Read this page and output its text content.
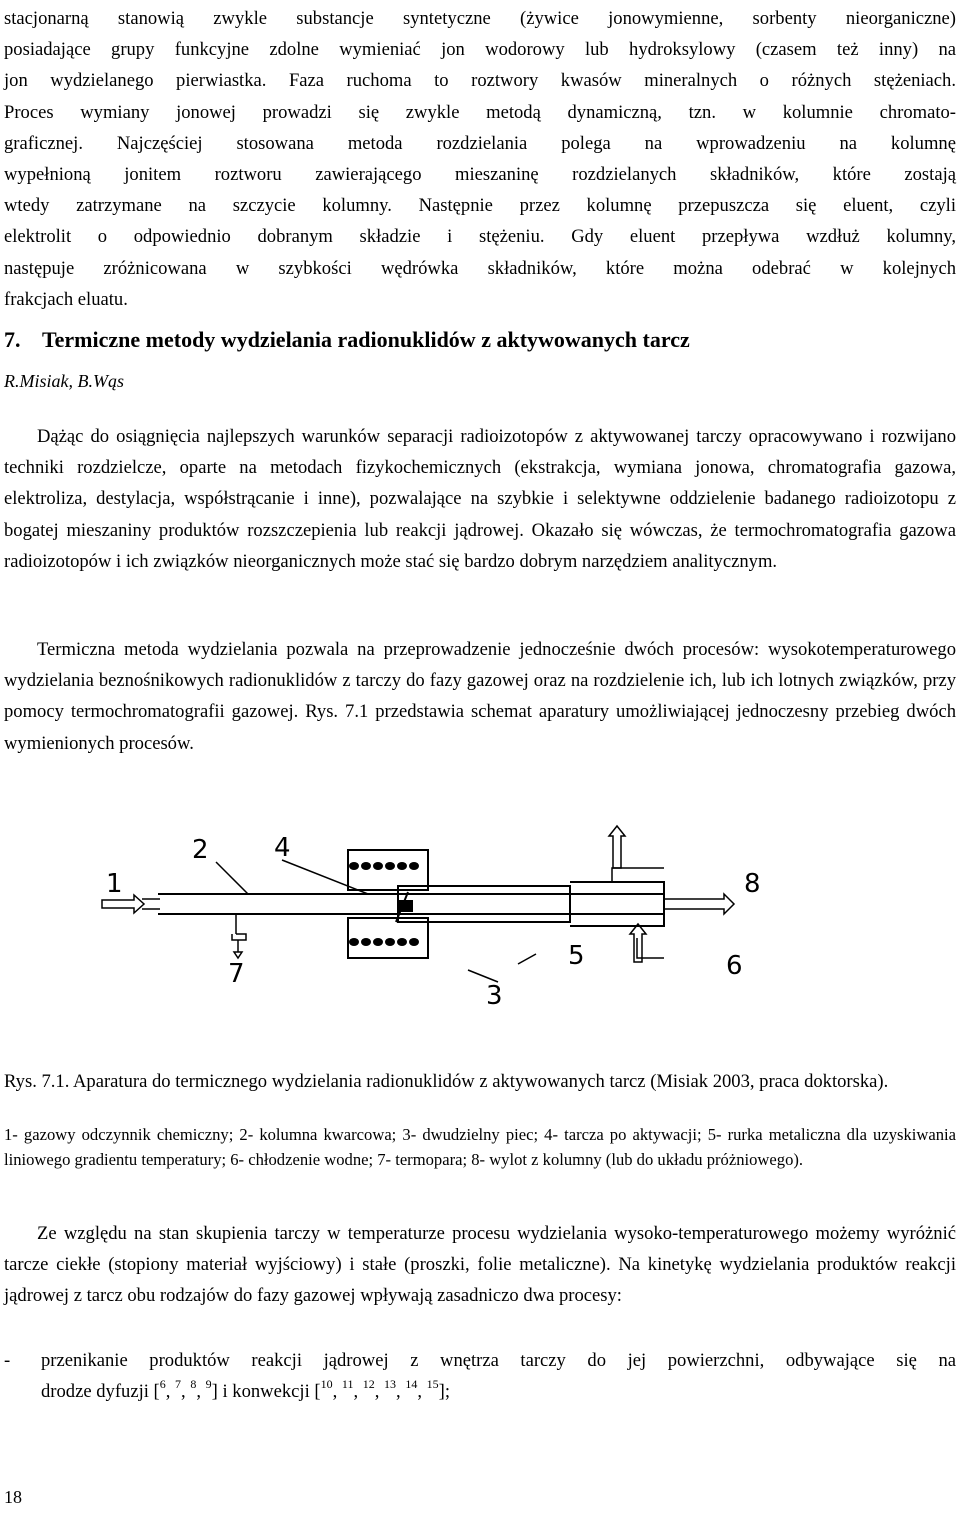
stacjonarną stanowią zwykle substancje syntetyczne (żywice jonowymienne, sorbenty nieorganiczne)

posiadające grupy funkcyjne zdolne wymieniać jon wodorowy lub hydroksylowy (czasem też inny) na

jon wydzielanego pierwiastka. Faza ruchoma to roztwory kwasów mineralnych o różnych stężeniach.

Proces wymiany jonowej prowadzi się zwykle metodą dynamiczną, tzn. w kolumnie chromato-

graficznej. Najczęściej stosowana metoda rozdzielania polega na wprowadzeniu na kolumnę

wypełnioną jonitem roztworu zawierającego mieszaninę rozdzielanych składników, które zostają

wtedy zatrzymane na szczycie kolumny. Następnie przez kolumnę przepuszcza się eluent, czyli

elektrolit o odpowiednio dobranym składzie i stężeniu. Gdy eluent przepływa wzdłuż kolumny,

następuje zróżnicowana w szybkości wędrówka składników, które można odebrać w kolejnych

frakcjach eluatu.

7. Termiczne metody wydzielania radionuklidów z aktywowanych tarcz
R.Misiak, B.Wąs

Dążąc do osiągnięcia najlepszych warunków separacji radioizotopów z aktywowanej tarczy opracowywano i rozwijano techniki rozdzielcze, oparte na metodach fizykochemicznych (ekstrakcja, wymiana jonowa, chromatografia gazowa, elektroliza, destylacja, współstrącanie i inne), pozwalające na szybkie i selektywne oddzielenie badanego radioizotopu z bogatej mieszaniny produktów rozszczepienia lub reakcji jądrowej. Okazało się wówczas, że termochromatografia gazowa radioizotopów i ich związków nieorganicznych może stać się bardzo dobrym narzędziem analitycznym.

Termiczna metoda wydzielania pozwala na przeprowadzenie jednocześnie dwóch procesów: wysokotemperaturowego wydzielania beznośnikowych radionuklidów z tarczy do fazy gazowej oraz na rozdzielenie ich, lub ich lotnych związków, przy pomocy termochromatografii gazowej. Rys. 7.1 przedstawia schemat aparatury umożliwiającej jednoczesny przebieg dwóch wymienionych procesów.

1
2	4
8
7
5	6
3

Rys. 7.1. Aparatura do termicznego wydzielania radionuklidów z aktywowanych tarcz (Misiak 2003, praca doktorska).

1- gazowy odczynnik chemiczny; 2- kolumna kwarcowa; 3- dwudzielny piec; 4- tarcza po aktywacji; 5- rurka metaliczna dla uzyskiwania liniowego gradientu temperatury; 6- chłodzenie wodne; 7- termopara; 8- wylot z kolumny (lub do układu próżniowego).

Ze względu na stan skupienia tarczy w temperaturze procesu wydzielania wysoko-temperaturowego możemy wyróżnić tarcze ciekłe (stopiony materiał wyjściowy) i stałe (proszki, folie metaliczne). Na kinetykę wydzielania produktów reakcji jądrowej z tarcz obu rodzajów do fazy gazowej wpływają zasadniczo dwa procesy:

- przenikanie produktów reakcji jądrowej z wnętrza tarczy do jej powierzchni, odbywające się na
drodze dyfuzji [$^6$, $^7$, $^8$, $^9$] i konwekcji [$^{10}$, $^{11}$, $^{12}$, $^{13}$, $^{14}$, $^{15}$];
18
